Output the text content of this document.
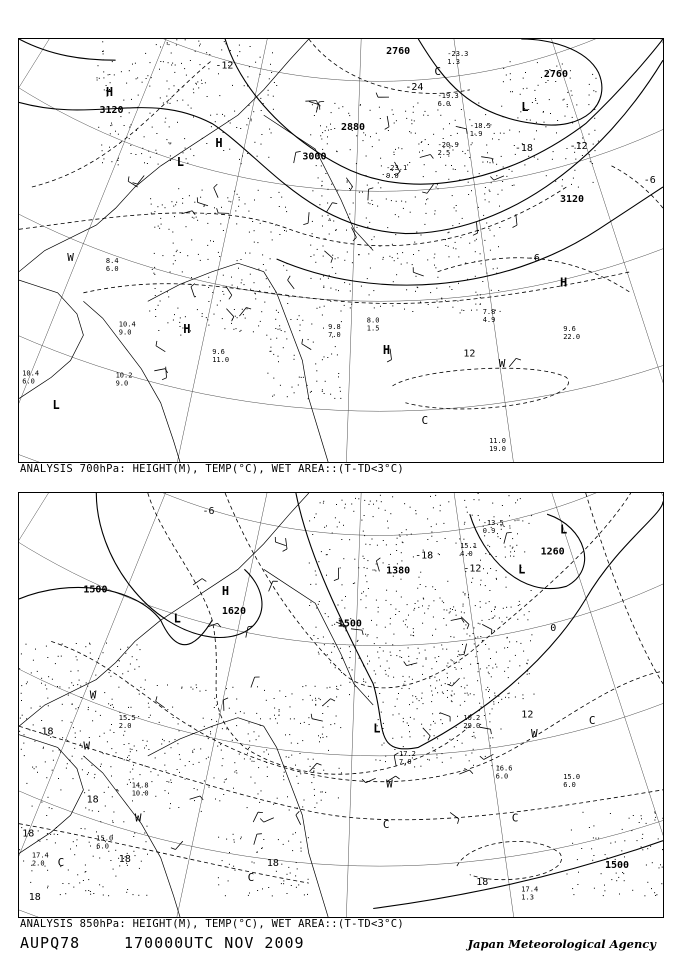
3120
2760
2760
2880
3000
3120
-12
-24
-18	-12
-6
-6
12
8.4
6.0
10.4
9.0
9.6
11.0
10.2
9.0
10.4
6.0
7.8
4.9
9.6
22.0
11.0
19.0
8.0
1.5
9.8
7.0
-18.5
1.9
-20.9
2.5
-23.1
9.0
-23.3
1.3
-19.3
6.0
H
H
H
H
H
L
L
L
C
C
W
W
ANALYSIS 700hPa: HEIGHT(M), TEMP(°C), WET AREA::(T-TD<3°C)
1500
1620
1380
1500
1260
1500
-6
-18
-12
0
12
18
18
18
18	18
18
18
15.5
2.0
14.8
10.0
15.0
6.0
17.2
7.0
16.6
6.0	15.0
6.0
10.2
29.0
17.4
1.3
17.4
2.0
15.1
4.0
-13.5
0.9
H
L
L
L
L
W
W
W
W
W
C
C	C
C
C
ANALYSIS 850hPa: HEIGHT(M), TEMP(°C), WET AREA::(T-TD<3°C)
AUPQ78	170000UTC NOV 2009	Japan Meteorological Agency
